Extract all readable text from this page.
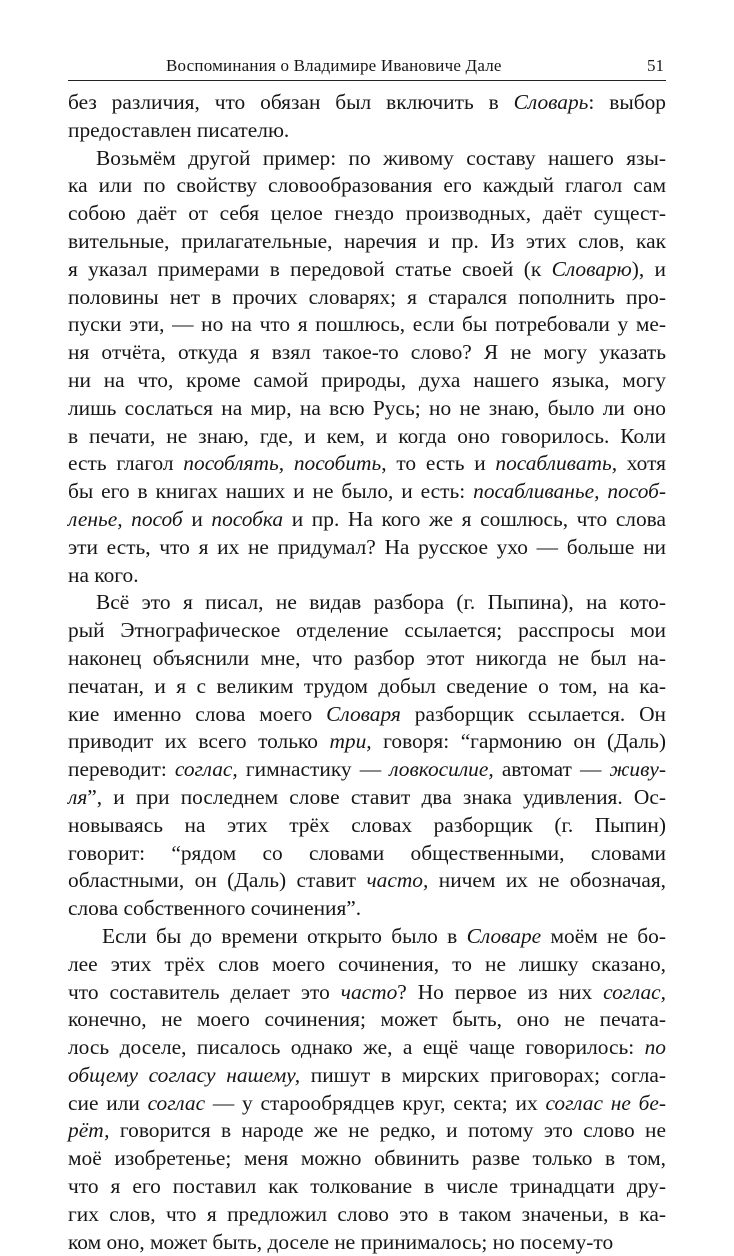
Воспоминания о Владимире Ивановиче Дале	51
без различия, что обязан был включить в Словарь: выбор
предоставлен писателю.
Возьмём другой пример: по живому составу нашего язы-
ка или по свойству словообразования его каждый глагол сам
собою даёт от себя целое гнездо производных, даёт сущест-
вительные, прилагательные, наречия и пр. Из этих слов, как
я указал примерами в передовой статье своей (к Словарю), и
половины нет в прочих словарях; я старался пополнить про-
пуски эти, — но на что я пошлюсь, если бы потребовали у ме-
ня отчёта, откуда я взял такое-то слово? Я не могу указать
ни на что, кроме самой природы, духа нашего языка, могу
лишь сослаться на мир, на всю Русь; но не знаю, было ли оно
в печати, не знаю, где, и кем, и когда оно говорилось. Коли
есть глагол пособлять, пособить, то есть и посабливать, хотя
бы его в книгах наших и не было, и есть: посабливанье, пособ-
ленье, пособ и пособка и пр. На кого же я сошлюсь, что слова
эти есть, что я их не придумал? На русское ухо — больше ни
на кого.
Всё это я писал, не видав разбора (г. Пыпина), на кото-
рый Этнографическое отделение ссылается; расспросы мои
наконец объяснили мне, что разбор этот никогда не был на-
печатан, и я с великим трудом добыл сведение о том, на ка-
кие именно слова моего Словаря разборщик ссылается. Он
приводит их всего только три, говоря: “гармонию он (Даль)
переводит: соглас, гимнастику — ловкосилие, автомат — живу-
ля”, и при последнем слове ставит два знака удивления. Ос-
новываясь на этих трёх словах разборщик (г. Пыпин)
говорит: “рядом со словами общественными, словами
областными, он (Даль) ставит часто, ничем их не обозначая,
слова собственного сочинения”.
Если бы до времени открыто было в Словаре моём не бо-
лее этих трёх слов моего сочинения, то не лишку сказано,
что составитель делает это часто? Но первое из них соглас,
конечно, не моего сочинения; может быть, оно не печата-
лось доселе, писалось однако же, а ещё чаще говорилось: по
общему согласу нашему, пишут в мирских приговорах; согла-
сие или соглас — у старообрядцев круг, секта; их соглас не бе-
рёт, говорится в народе же не редко, и потому это слово не
моё изобретенье; меня можно обвинить разве только в том,
что я его поставил как толкование в числе тринадцати дру-
гих слов, что я предложил слово это в таком значеньи, в ка-
ком оно, может быть, доселе не принималось; но посему-то
